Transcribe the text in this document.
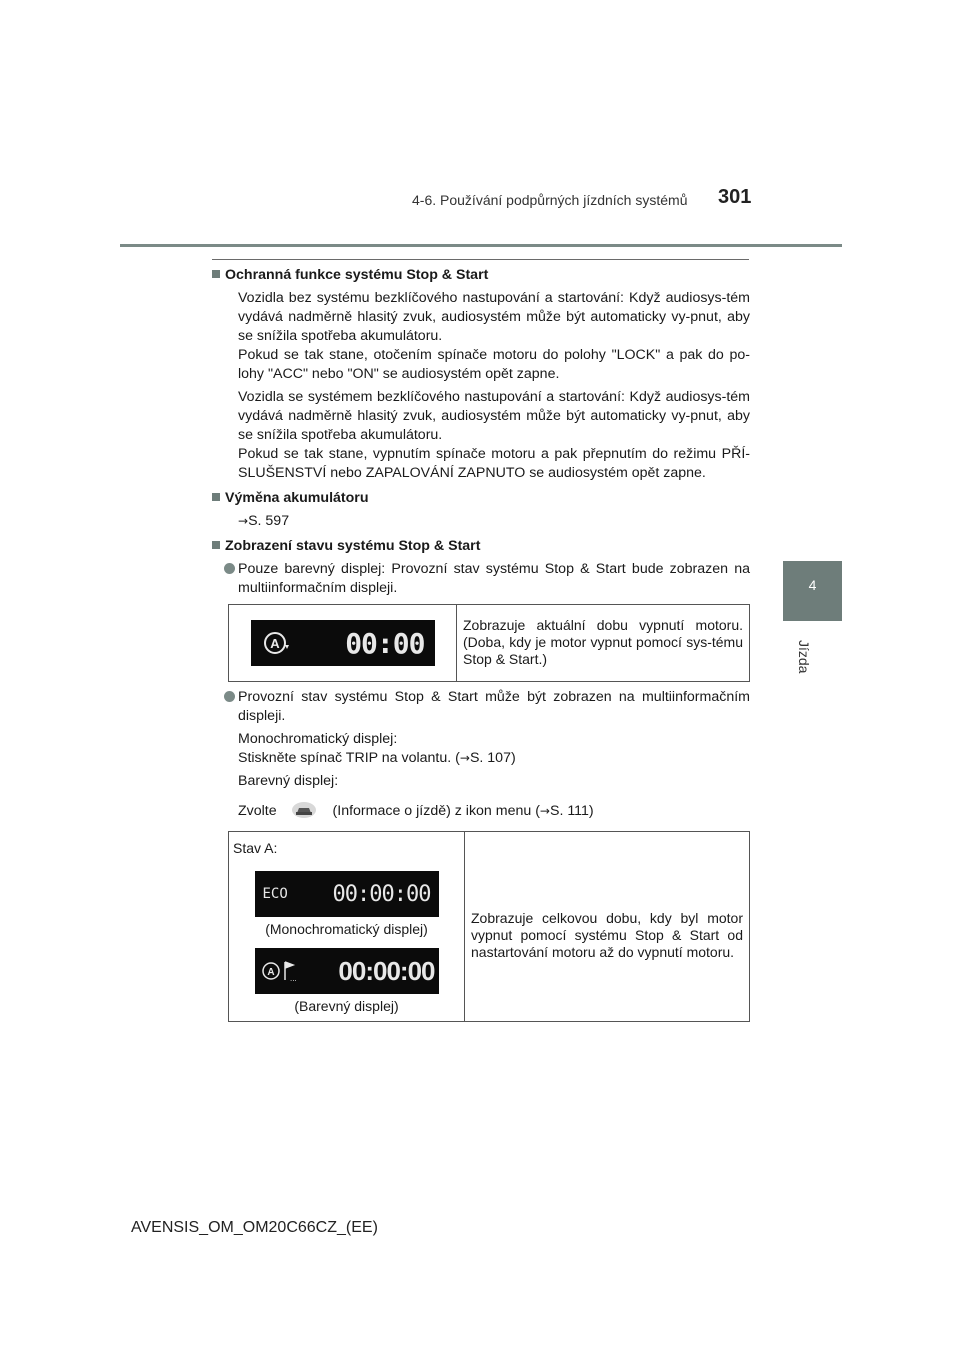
4-6. Používání podpůrných jízdních systémů 301
4
Jízda
Ochranná funkce systému Stop & Start
Vozidla bez systému bezklíčového nastupování a startování: Když audiosys-tém vydává nadměrně hlasitý zvuk, audiosystém může být automaticky vy-pnut, aby se snížila spotřeba akumulátoru.
Pokud se tak stane, otočením spínače motoru do polohy "LOCK" a pak do po-lohy "ACC" nebo "ON" se audiosystém opět zapne.
Vozidla se systémem bezklíčového nastupování a startování: Když audiosys-tém vydává nadměrně hlasitý zvuk, audiosystém může být automaticky vy-pnut, aby se snížila spotřeba akumulátoru.
Pokud se tak stane, vypnutím spínače motoru a pak přepnutím do režimu PŘÍ-SLUŠENSTVÍ nebo ZAPALOVÁNÍ ZAPNUTO se audiosystém opět zapne.
Výměna akumulátoru
→S. 597
Zobrazení stavu systému Stop & Start
Pouze barevný displej: Provozní stav systému Stop & Start bude zobrazen na multiinformačním displeji.
A 00:00
	Zobrazuje aktuální dobu vypnutí motoru. (Doba, kdy je motor vypnut pomocí sys-tému Stop & Start.)
Provozní stav systému Stop & Start může být zobrazen na multiinformačním displeji.
Monochromatický displej:
Stiskněte spínač TRIP na volantu. (→S. 107)
Barevný displej:
Zvolte	(Informace o jízdě) z ikon menu (→S. 111)
Stav A:
ECO 00:00:00
(Monochromatický displej)
A
... 00:00:00
(Barevný displej)
	Zobrazuje celkovou dobu, kdy byl motor vypnut pomocí systému Stop & Start od nastartování motoru až do vypnutí motoru.
AVENSIS_OM_OM20C66CZ_(EE)
